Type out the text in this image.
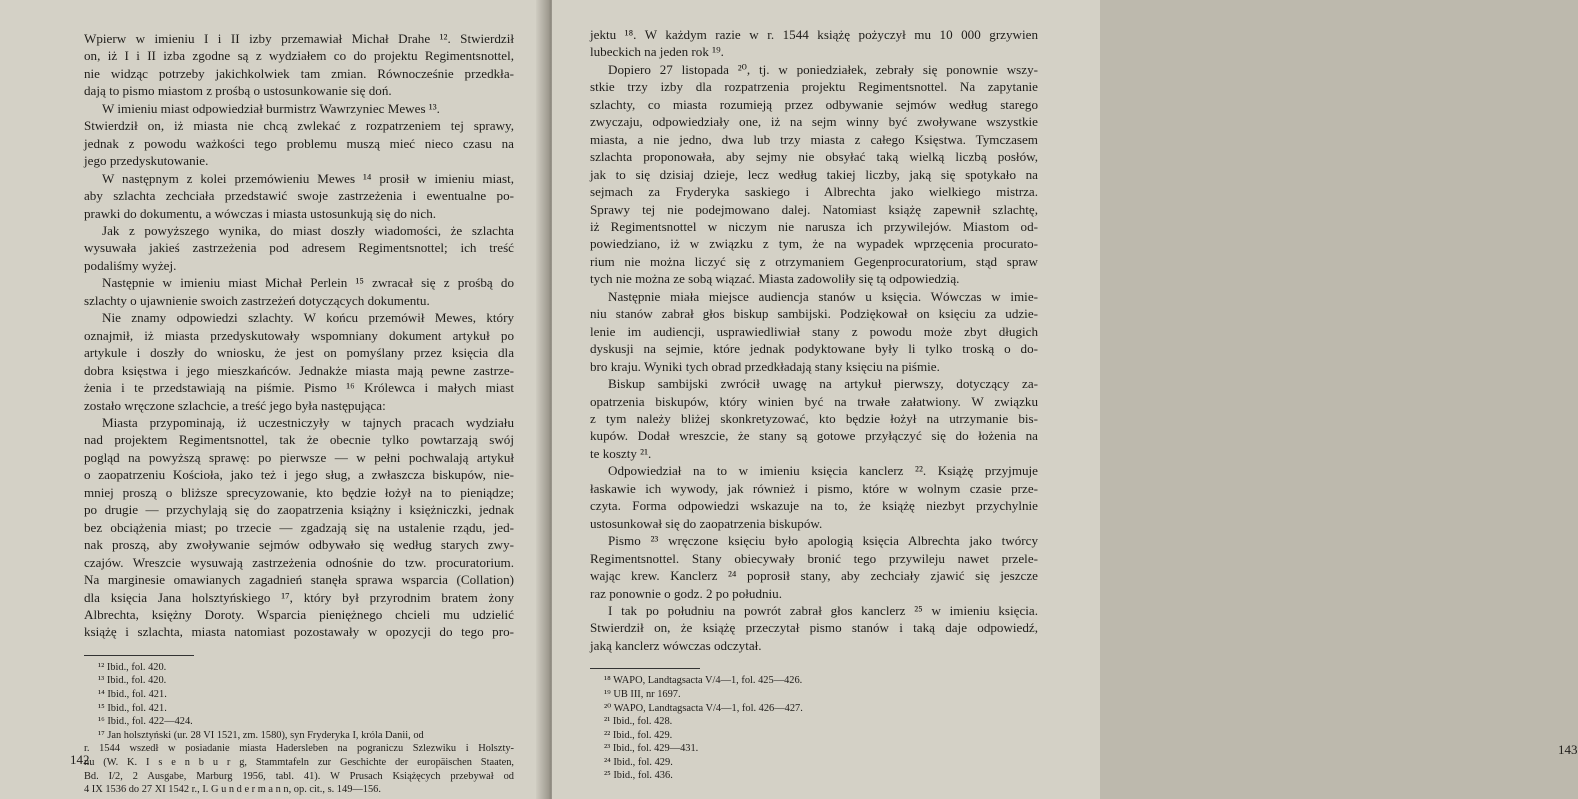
Wpierw w imieniu I i II izby przemawiał Michał Drahe ¹². Stwierdził
on, iż I i II izba zgodne są z wydziałem co do projektu Regimentsnottel,
nie widząc potrzeby jakichkolwiek tam zmian. Równocześnie przedkła-
dają to pismo miastom z prośbą o ustosunkowanie się doń.
W imieniu miast odpowiedział burmistrz Wawrzyniec Mewes ¹³.
Stwierdził on, iż miasta nie chcą zwlekać z rozpatrzeniem tej sprawy,
jednak z powodu ważkości tego problemu muszą mieć nieco czasu na
jego przedyskutowanie.
W następnym z kolei przemówieniu Mewes ¹⁴ prosił w imieniu miast,
aby szlachta zechciała przedstawić swoje zastrzeżenia i ewentualne po-
prawki do dokumentu, a wówczas i miasta ustosunkują się do nich.
Jak z powyższego wynika, do miast doszły wiadomości, że szlachta
wysuwała jakieś zastrzeżenia pod adresem Regimentsnottel; ich treść
podaliśmy wyżej.
Następnie w imieniu miast Michał Perlein ¹⁵ zwracał się z prośbą do
szlachty o ujawnienie swoich zastrzeżeń dotyczących dokumentu.
Nie znamy odpowiedzi szlachty. W końcu przemówił Mewes, który
oznajmił, iż miasta przedyskutowały wspomniany dokument artykuł po
artykule i doszły do wniosku, że jest on pomyślany przez księcia dla
dobra księstwa i jego mieszkańców. Jednakże miasta mają pewne zastrze-
żenia i te przedstawiają na piśmie. Pismo ¹⁶ Królewca i małych miast
zostało wręczone szlachcie, a treść jego była następująca:
Miasta przypominają, iż uczestniczyły w tajnych pracach wydziału
nad projektem Regimentsnottel, tak że obecnie tylko powtarzają swój
pogląd na powyższą sprawę: po pierwsze — w pełni pochwalają artykuł
o zaopatrzeniu Kościoła, jako też i jego sług, a zwłaszcza biskupów, nie-
mniej proszą o bliższe sprecyzowanie, kto będzie łożył na to pieniądze;
po drugie — przychylają się do zaopatrzenia książny i księżniczki, jednak
bez obciążenia miast; po trzecie — zgadzają się na ustalenie rządu, jed-
nak proszą, aby zwoływanie sejmów odbywało się według starych zwy-
czajów. Wreszcie wysuwają zastrzeżenia odnośnie do tzw. procuratorium.
Na marginesie omawianych zagadnień stanęła sprawa wsparcia (Collation)
dla księcia Jana holsztyńskiego ¹⁷, który był przyrodnim bratem żony
Albrechta, księżny Doroty. Wsparcia pieniężnego chcieli mu udzielić
książę i szlachta, miasta natomiast pozostawały w opozycji do tego pro-
¹² Ibid., fol. 420.
¹³ Ibid., fol. 420.
¹⁴ Ibid., fol. 421.
¹⁵ Ibid., fol. 421.
¹⁶ Ibid., fol. 422—424.
¹⁷ Jan holsztyński (ur. 28 VI 1521, zm. 1580), syn Fryderyka I, króla Danii, od
r. 1544 wszedł w posiadanie miasta Hadersleben na pograniczu Szlezwiku i Holszty-
nu (W. K. I s e n b u r g, Stammtafeln zur Geschichte der europäischen Staaten,
Bd. I/2, 2 Ausgabe, Marburg 1956, tabl. 41). W Prusach Książęcych przebywał od
4 IX 1536 do 27 XI 1542 r., I. G u n d e r m a n n, op. cit., s. 149—156.
142
jektu ¹⁸. W każdym razie w r. 1544 książę pożyczył mu 10 000 grzywien
lubeckich na jeden rok ¹⁹.
Dopiero 27 listopada ²⁰, tj. w poniedziałek, zebrały się ponownie wszy-
stkie trzy izby dla rozpatrzenia projektu Regimentsnottel. Na zapytanie
szlachty, co miasta rozumieją przez odbywanie sejmów według starego
zwyczaju, odpowiedziały one, iż na sejm winny być zwoływane wszystkie
miasta, a nie jedno, dwa lub trzy miasta z całego Księstwa. Tymczasem
szlachta proponowała, aby sejmy nie obsyłać taką wielką liczbą posłów,
jak to się dzisiaj dzieje, lecz według takiej liczby, jaką się spotykało na
sejmach za Fryderyka saskiego i Albrechta jako wielkiego mistrza.
Sprawy tej nie podejmowano dalej. Natomiast książę zapewnił szlachtę,
iż Regimentsnottel w niczym nie narusza ich przywilejów. Miastom od-
powiedziano, iż w związku z tym, że na wypadek wprzęcenia procurato-
rium nie można liczyć się z otrzymaniem Gegenprocuratorium, stąd spraw
tych nie można ze sobą wiązać. Miasta zadowoliły się tą odpowiedzią.
Następnie miała miejsce audiencja stanów u księcia. Wówczas w imie-
niu stanów zabrał głos biskup sambijski. Podziękował on księciu za udzie-
lenie im audiencji, usprawiedliwiał stany z powodu może zbyt długich
dyskusji na sejmie, które jednak podyktowane były li tylko troską o do-
bro kraju. Wyniki tych obrad przedkładają stany księciu na piśmie.
Biskup sambijski zwrócił uwagę na artykuł pierwszy, dotyczący za-
opatrzenia biskupów, który winien być na trwałe załatwiony. W związku
z tym należy bliżej skonkretyzować, kto będzie łożył na utrzymanie bis-
kupów. Dodał wreszcie, że stany są gotowe przyłączyć się do łożenia na
te koszty ²¹.
Odpowiedział na to w imieniu księcia kanclerz ²². Książę przyjmuje
łaskawie ich wywody, jak również i pismo, które w wolnym czasie prze-
czyta. Forma odpowiedzi wskazuje na to, że książę niezbyt przychylnie
ustosunkował się do zaopatrzenia biskupów.
Pismo ²³ wręczone księciu było apologią księcia Albrechta jako twórcy
Regimentsnottel. Stany obiecywały bronić tego przywileju nawet przele-
wając krew. Kanclerz ²⁴ poprosił stany, aby zechciały zjawić się jeszcze
raz ponownie o godz. 2 po południu.
I tak po południu na powrót zabrał głos kanclerz ²⁵ w imieniu księcia.
Stwierdził on, że książę przeczytał pismo stanów i taką daje odpowiedź,
jaką kanclerz wówczas odczytał.
¹⁸ WAPO, Landtagsacta V/4—1, fol. 425—426.
¹⁹ UB III, nr 1697.
²⁰ WAPO, Landtagsacta V/4—1, fol. 426—427.
²¹ Ibid., fol. 428.
²² Ibid., fol. 429.
²³ Ibid., fol. 429—431.
²⁴ Ibid., fol. 429.
²⁵ Ibid., fol. 436.
143
